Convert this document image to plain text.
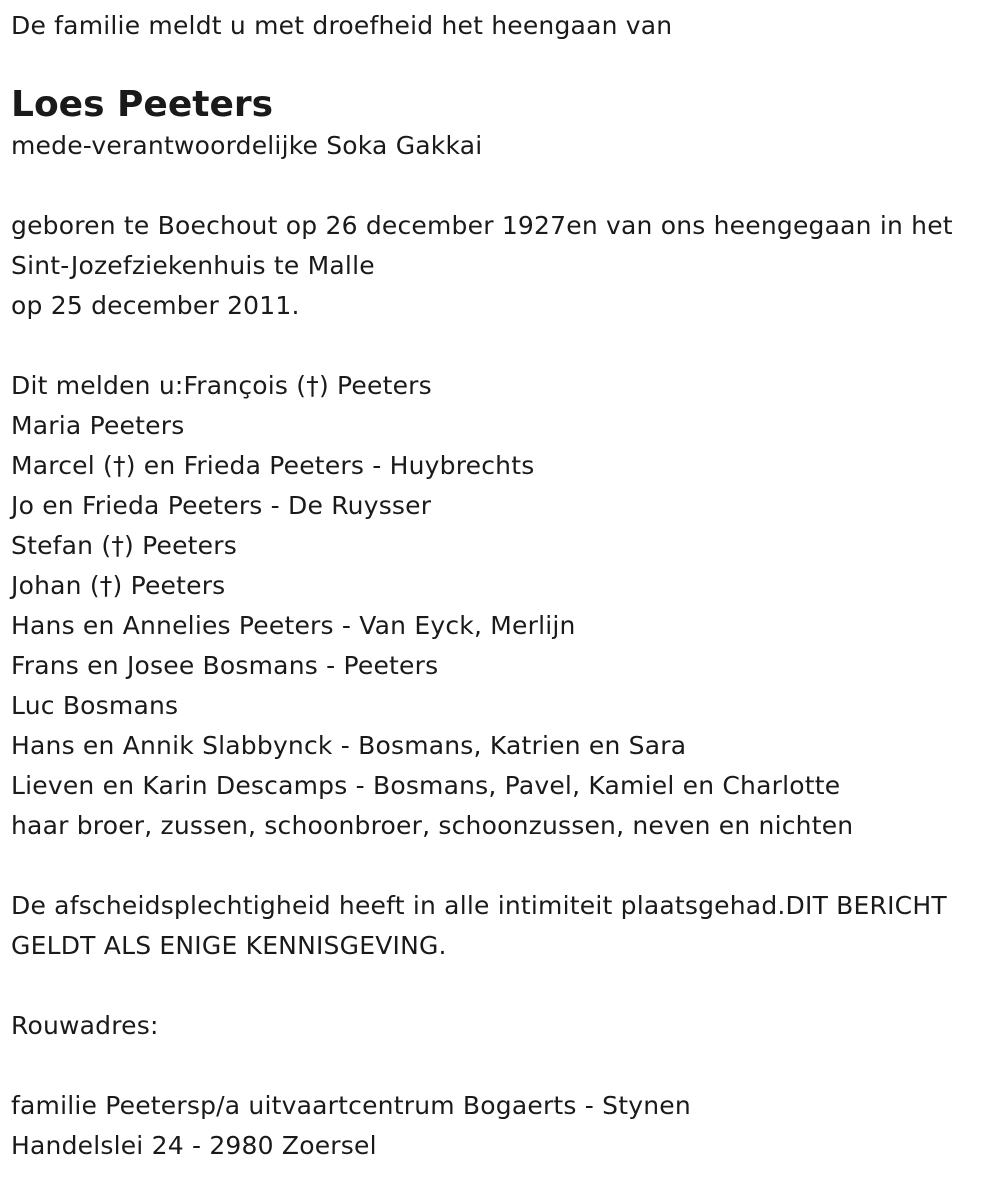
De familie meldt u met droefheid het heengaan van
Loes Peeters
mede-verantwoordelijke Soka Gakkai
geboren te Boechout op 26 december 1927en van ons heengegaan in het
Sint-Jozefziekenhuis te Malle
op 25 december 2011.
Dit melden u:François (†) Peeters
Maria Peeters
Marcel (†) en Frieda Peeters - Huybrechts
Jo en Frieda Peeters - De Ruysser
Stefan (†) Peeters
Johan (†) Peeters
Hans en Annelies Peeters - Van Eyck, Merlijn
Frans en Josee Bosmans - Peeters
Luc Bosmans
Hans en Annik Slabbynck - Bosmans, Katrien en Sara
Lieven en Karin Descamps - Bosmans, Pavel, Kamiel en Charlotte
haar broer, zussen, schoonbroer, schoonzussen, neven en nichten
De afscheidsplechtigheid heeft in alle intimiteit plaatsgehad.DIT BERICHT
GELDT ALS ENIGE KENNISGEVING.
Rouwadres:
familie Peetersp/a uitvaartcentrum Bogaerts - Stynen
Handelslei 24 - 2980 Zoersel
